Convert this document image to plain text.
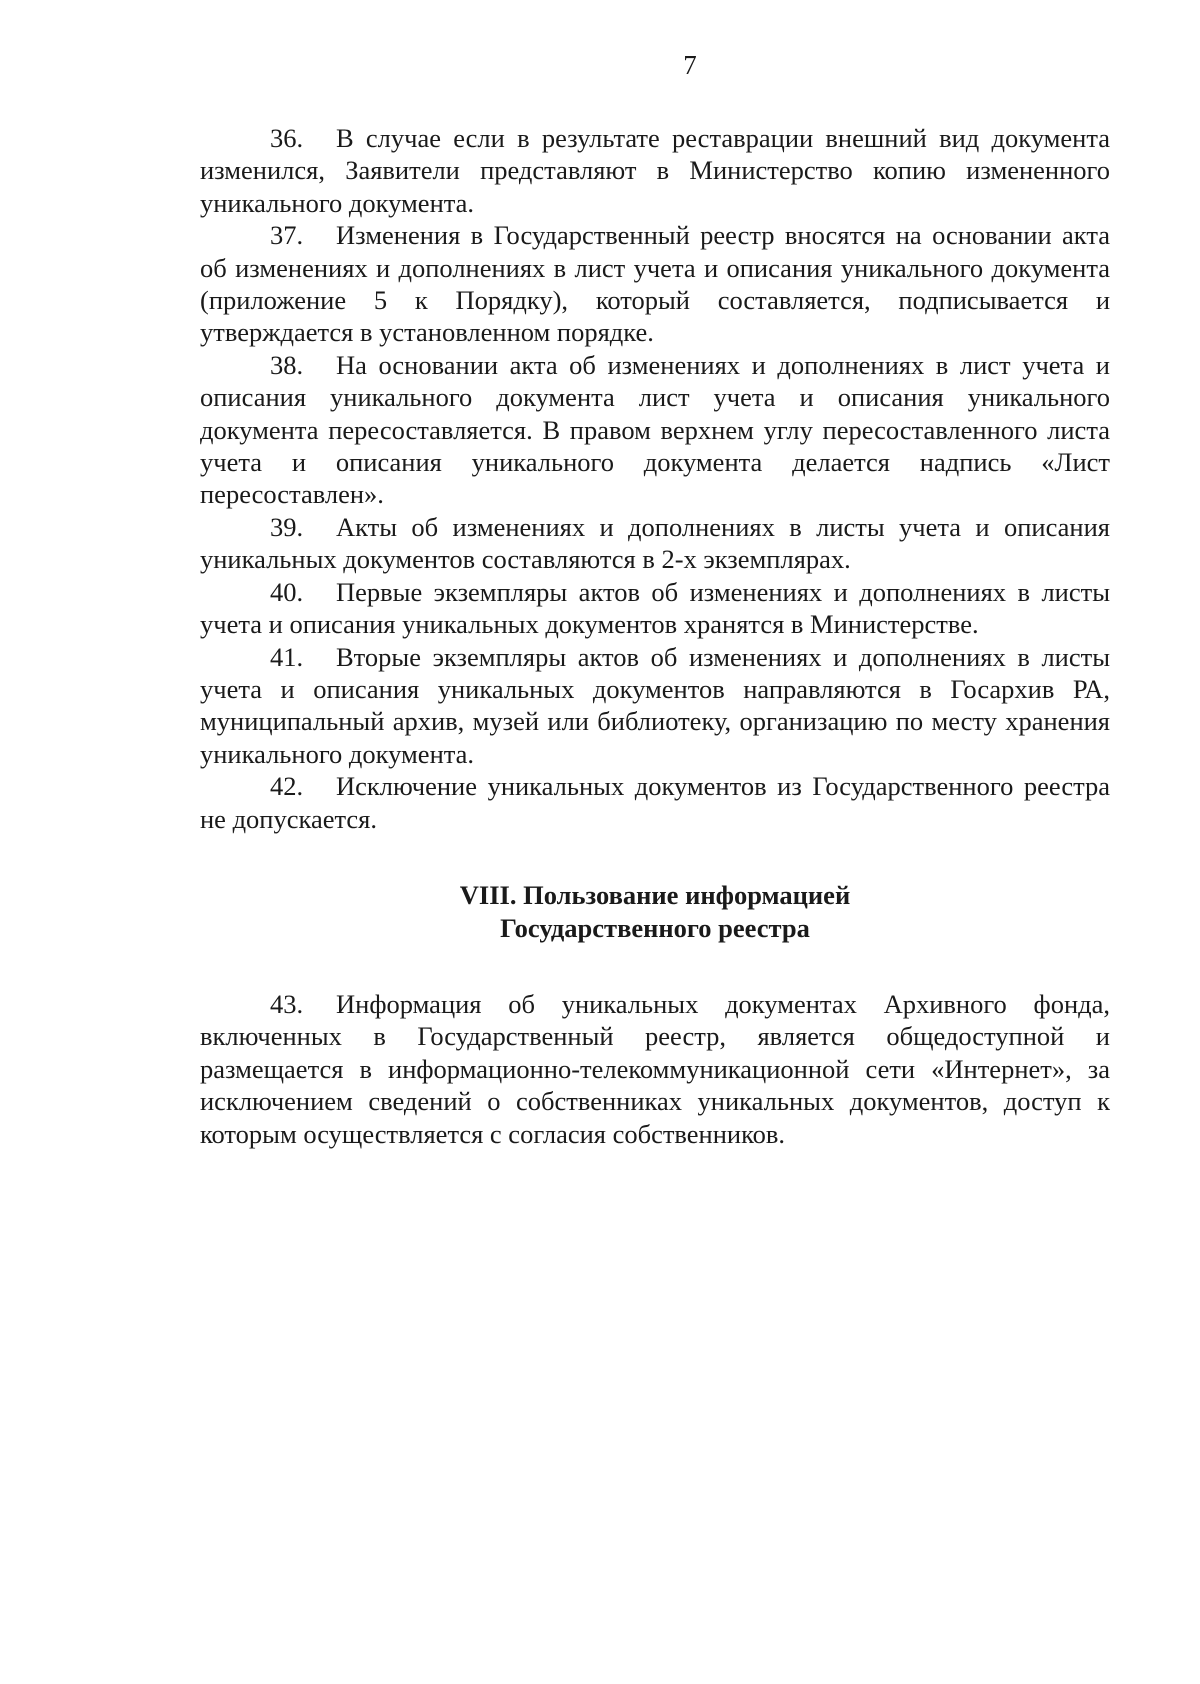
7

36. В случае если в результате реставрации внешний вид документа изменился, Заявители представляют в Министерство копию измененного уникального документа.

37. Изменения в Государственный реестр вносятся на основании акта об изменениях и дополнениях в лист учета и описания уникального документа (приложение 5 к Порядку), который составляется, подписывается и утверждается в установленном порядке.

38. На основании акта об изменениях и дополнениях в лист учета и описания уникального документа лист учета и описания уникального документа пересоставляется. В правом верхнем углу пересоставленного листа учета и описания уникального документа делается надпись «Лист пересоставлен».

39. Акты об изменениях и дополнениях в листы учета и описания уникальных документов составляются в 2-х экземплярах.

40. Первые экземпляры актов об изменениях и дополнениях в листы учета и описания уникальных документов хранятся в Министерстве.

41. Вторые экземпляры актов об изменениях и дополнениях в листы учета и описания уникальных документов направляются в Госархив РА, муниципальный архив, музей или библиотеку, организацию по месту хранения уникального документа.

42. Исключение уникальных документов из Государственного реестра не допускается.

VIII. Пользование информацией
Государственного реестра

43. Информация об уникальных документах Архивного фонда, включенных в Государственный реестр, является общедоступной и размещается в информационно-телекоммуникационной сети «Интернет», за исключением сведений о собственниках уникальных документов, доступ к которым осуществляется с согласия собственников.
